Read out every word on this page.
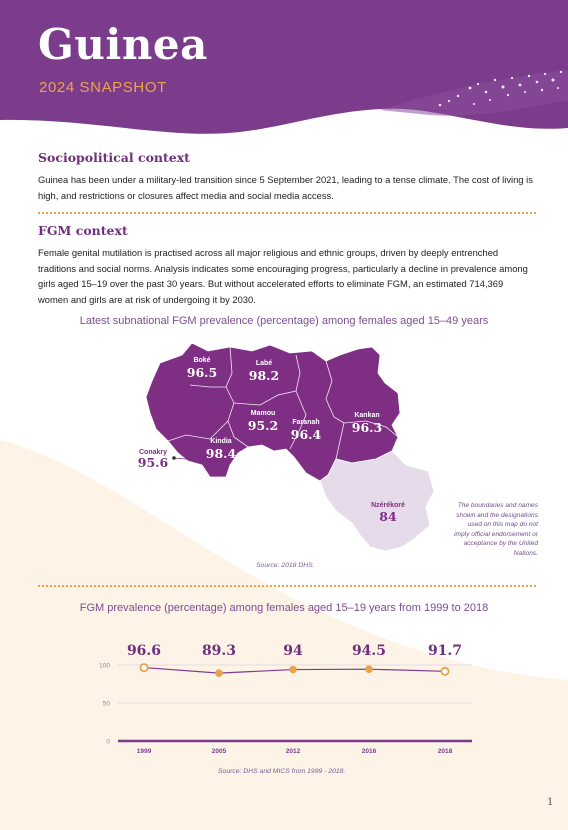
Guinea
2024 SNAPSHOT
Sociopolitical context

Guinea has been under a military-led transition since 5 September 2021, leading to a tense climate. The cost of living is high, and restrictions or closures affect media and social media access.

FGM context

Female genital mutilation is practised across all major religious and ethnic groups, driven by deeply entrenched traditions and social norms. Analysis indicates some encouraging progress, particularly a decline in prevalence among girls aged 15–19 over the past 30 years. But without accelerated efforts to eliminate FGM, an estimated 714,369 women and girls are at risk of undergoing it by 2030.

Latest subnational FGM prevalence (percentage) among females aged 15–49 years
Boké
96.5
Labé
98.2
Mamou
95.2 Faranah
96.4
Kankan
96.3
Kindia
98.4
Conakry
95.6
Nzérékoré
84
The boundaries and names shown and the designations used on this map do not imply official endorsement or acceptance by the United Nations.
Source: 2018 DHS.
FGM prevalence (percentage) among females aged 15–19 years from 1999 to 2018
0
50
100
96.6	89.3	94	94.5	91.7
1999	2005	2012	2016	2018
Source: DHS and MICS from 1999 - 2018.
1
